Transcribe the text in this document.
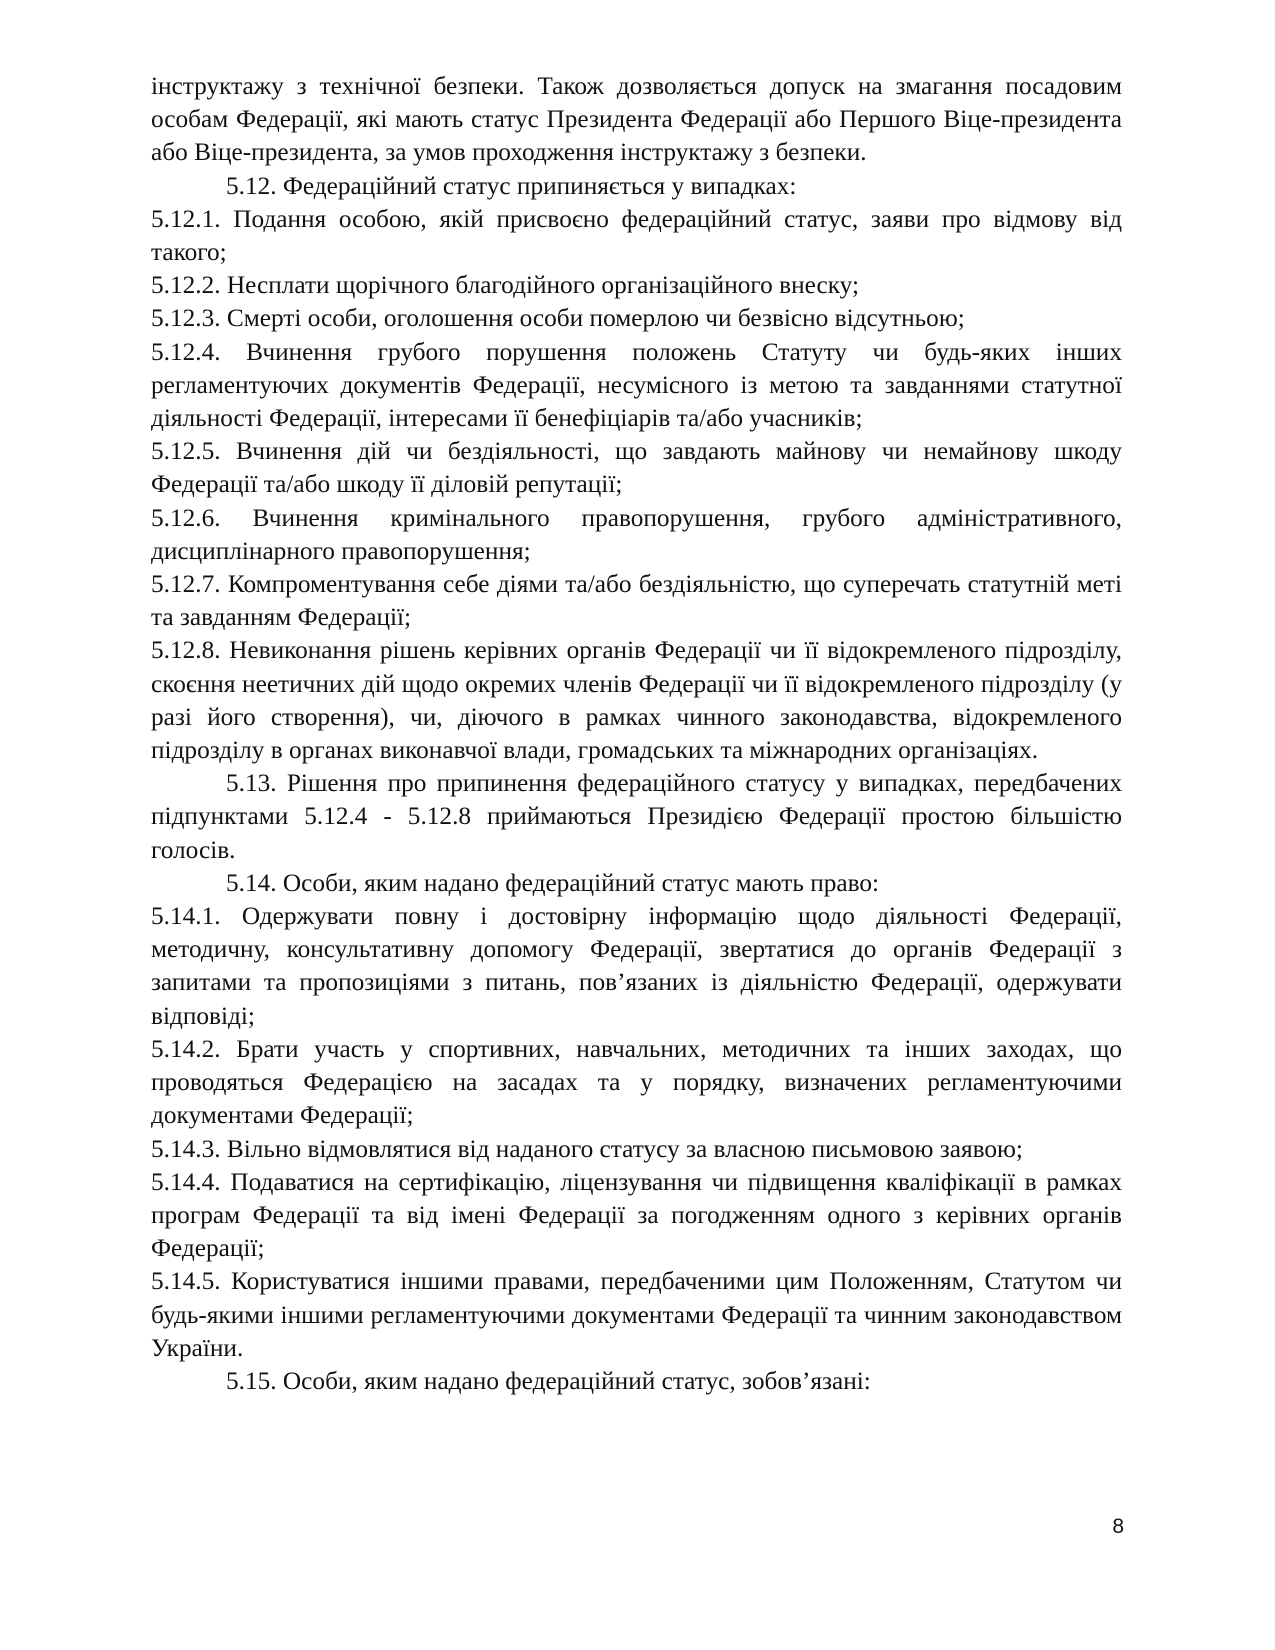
інструктажу з технічної безпеки. Також дозволяється допуск на змагання посадовим особам Федерації, які мають статус Президента Федерації або Першого Віце-президента або Віце-президента, за умов проходження інструктажу з безпеки.

5.12. Федераційний статус припиняється у випадках:

5.12.1. Подання особою, якій присвоєно федераційний статус, заяви про відмову від такого;

5.12.2. Несплати щорічного благодійного організаційного внеску;

5.12.3. Смерті особи, оголошення особи померлою чи безвісно відсутньою;

5.12.4. Вчинення грубого порушення положень Статуту чи будь-яких інших регламентуючих документів Федерації, несумісного із метою та завданнями статутної діяльності Федерації, інтересами її бенефіціарів та/або учасників;

5.12.5. Вчинення дій чи бездіяльності, що завдають майнову чи немайнову шкоду Федерації та/або шкоду її діловій репутації;

5.12.6. Вчинення кримінального правопорушення, грубого адміністративного, дисциплінарного правопорушення;

5.12.7. Компроментування себе діями та/або бездіяльністю, що суперечать статутній меті та завданням Федерації;

5.12.8. Невиконання рішень керівних органів Федерації чи її відокремленого підрозділу, скоєння неетичних дій щодо окремих членів Федерації чи її відокремленого підрозділу (у разі його створення), чи, діючого в рамках чинного законодавства, відокремленого підрозділу в органах виконавчої влади, громадських та міжнародних організаціях.

5.13. Рішення про припинення федераційного статусу у випадках, передбачених підпунктами 5.12.4 - 5.12.8 приймаються Президією Федерації простою більшістю голосів.

5.14. Особи, яким надано федераційний статус мають право:

5.14.1. Одержувати повну і достовірну інформацію щодо діяльності Федерації, методичну, консультативну допомогу Федерації, звертатися до органів Федерації з запитами та пропозиціями з питань, пов’язаних із діяльністю Федерації, одержувати відповіді;

5.14.2. Брати участь у спортивних, навчальних, методичних та інших заходах, що проводяться Федерацією на засадах та у порядку, визначених регламентуючими документами Федерації;

5.14.3. Вільно відмовлятися від наданого статусу за власною письмовою заявою;

5.14.4. Подаватися на сертифікацію, ліцензування чи підвищення кваліфікації в рамках програм Федерації та від імені Федерації за погодженням одного з керівних органів Федерації;

5.14.5. Користуватися іншими правами, передбаченими цим Положенням, Статутом чи будь-якими іншими регламентуючими документами Федерації та чинним законодавством України.

5.15. Особи, яким надано федераційний статус, зобов’язані:

8
